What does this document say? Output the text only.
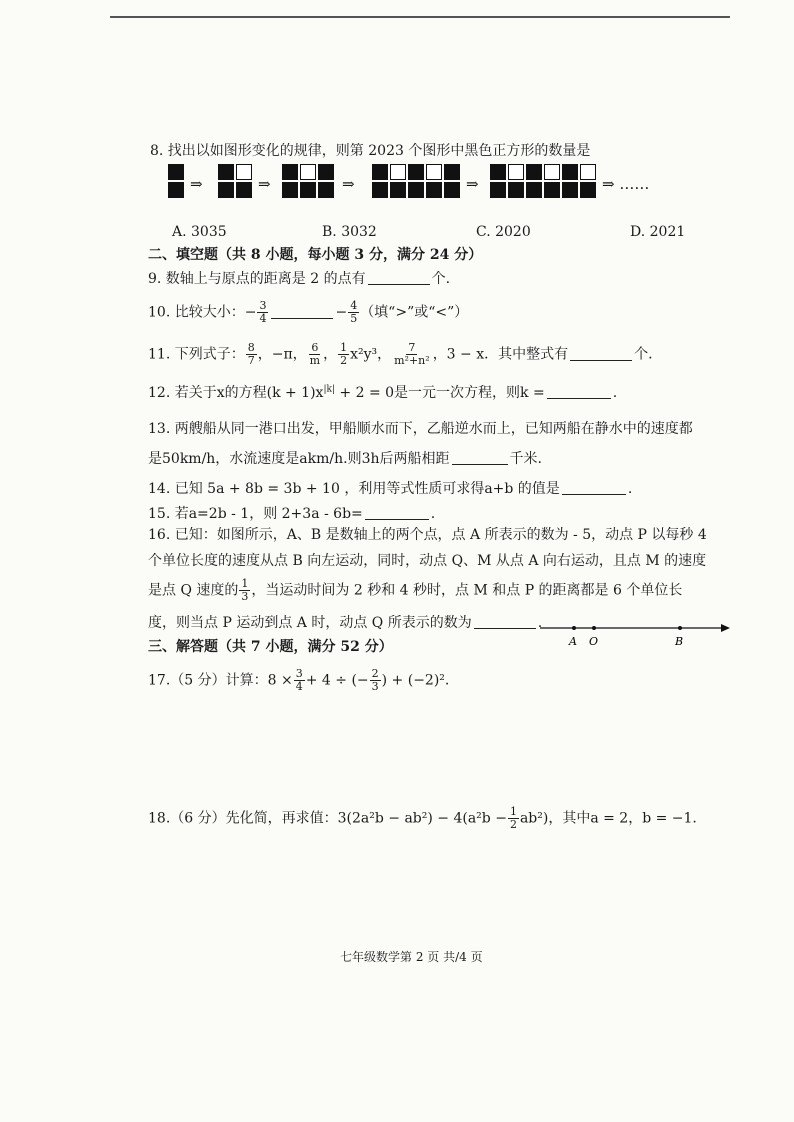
8. 找出以如图形变化的规律，则第 2023 个图形中黑色正方形的数量是
⇒	⇒	⇒	⇒	⇒ ……
A. 3035	B. 3032	C. 2020	D. 2021
二、填空题（共 8 小题，每小题 3 分，满分 24 分）
9. 数轴上与原点的距离是 2 的点有	个.
10. 比较大小：− $\frac{3}{4}$	− $\frac{4}{5}$ （填“>”或“<”）
11. 下列式子： $\frac{8}{7}$ ，−π， $\frac{6}{m}$ ， $\frac{1}{2} x^2y^3$， $\frac{7}{\text{m²+n²}}$ ，3 − x．其中整式有	个.
12. 若关于x的方程$(k + 1)x^{|k|} + 2 = 0$是一元一次方程，则k =	.
13. 两艘船从同一港口出发，甲船顺水而下，乙船逆水而上，已知两船在静水中的速度都
是50km/h，水流速度是akm/h.则3h后两船相距	千米.
14. 已知 5a + 8b = 3b + 10 ，利用等式性质可求得a+b 的值是	.
15. 若a=2b - 1，则 2+3a - 6b=	.
16. 已知：如图所示，A、B 是数轴上的两个点，点 A 所表示的数为 - 5，动点 P 以每秒 4
个单位长度的速度从点 B 向左运动，同时，动点 Q、M 从点 A 向右运动，且点 M 的速度
是点 Q 速度的 $\frac{1}{3}$ ，当运动时间为 2 秒和 4 秒时，点 M 和点 P 的距离都是 6 个单位长
度，则当点 P 运动到点 A 时，动点 Q 所表示的数为	.
A O	B
三、解答题（共 7 小题，满分 52 分）
17.（5 分）计算：$8 \times \frac{3}{4} + 4$ ÷ (− $\frac{2}{3}$ ) + (−2)².
18.（6 分）先化简，再求值：$3(2a^2b - ab^2) - 4(a^2b - \frac{1}{2} ab^2)$，其中a = 2，b = −1.
七年级数学第 2 页 共/4 页
